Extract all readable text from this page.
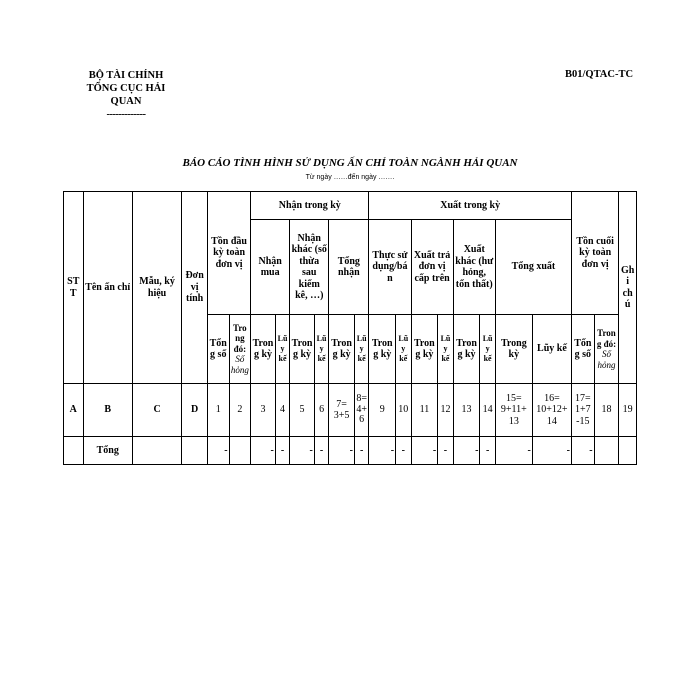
BỘ TÀI CHÍNH
TỔNG CỤC HẢI QUAN
-------------
B01/QTAC-TC
BÁO CÁO TÌNH HÌNH SỬ DỤNG ẤN CHỈ TOÀN NGÀNH HẢI QUAN
Từ ngày ……đến ngày …….
STT	Tên ấn chỉ	Mẫu, ký hiệu	Đơn vị tính	Tồn đầu kỳ toàn đơn vị		Nhận trong kỳ						Xuất trong kỳ								Tồn cuối kỳ toàn đơn vị		Ghi chú
						Nhận mua		Nhận khác (số thừa sau kiểm kê, …)		Tổng nhận		Thực sử dụng/bán		Xuất trả đơn vị cấp trên		Xuất khác (hư hỏng, tổn thất)		Tổng xuất				
				Tổng số	Trong đó: Số hỏng	Trong kỳ	Lũy kế	Trong kỳ	Lũy kế	Trong kỳ	Lũy kế	Trong kỳ	Lũy kế	Trong kỳ	Lũy kế	Trong kỳ	Lũy kế	Trong kỳ	Lũy kế	Tổng số	Trong đó: Số hỏng	
A	B	C	D	1	2	3	4	5	6	7= 3+5	8= 4+ 6	9	10	11	12	13	14	15= 9+11+ 13	16= 10+12+ 14	17= 1+7 -15	18	19
	Tổng			-		-	-	-	-	-	-	-	-	-	-	-	-	-	-	-		
